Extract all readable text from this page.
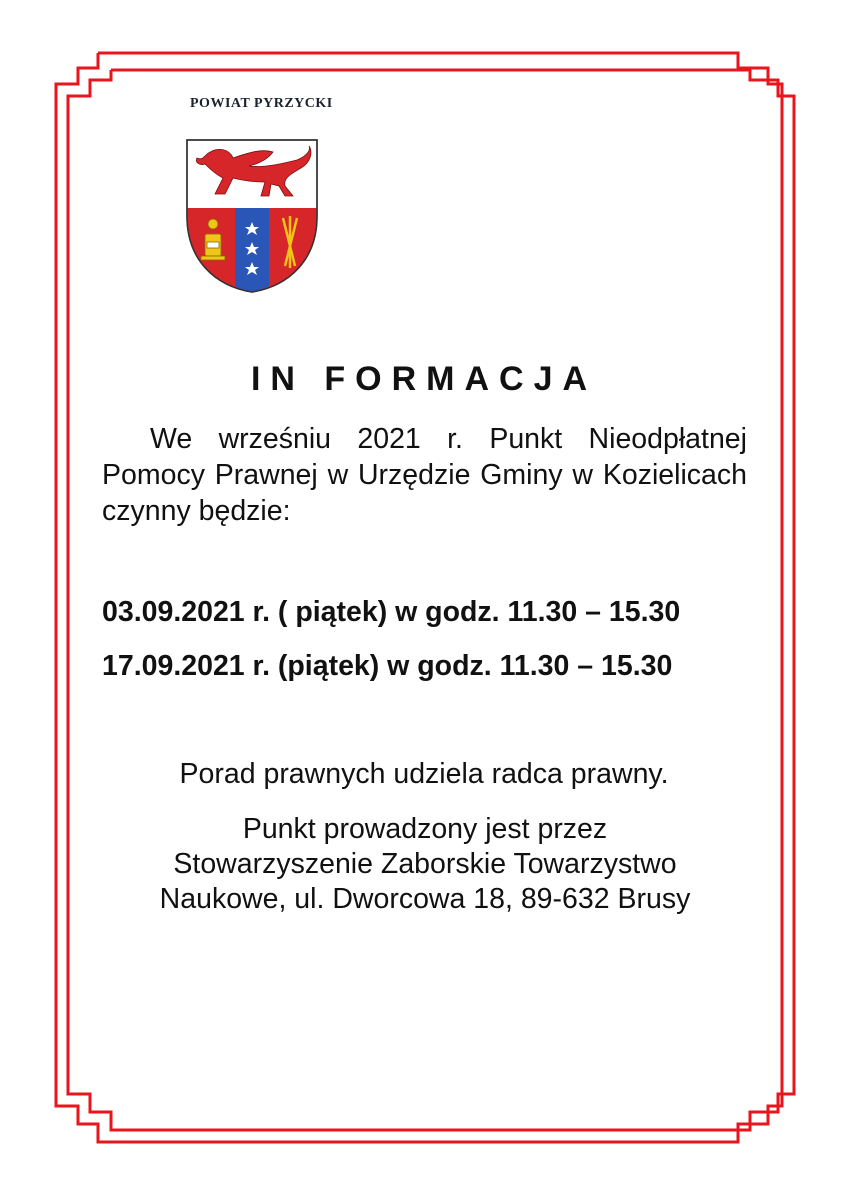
POWIAT PYRZYCKI
IN FORMACJA
We wrześniu 2021 r. Punkt Nieodpłatnej Pomocy Prawnej w Urzędzie Gminy w Kozielicach czynny będzie:
03.09.2021 r. ( piątek) w godz. 11.30 – 15.30
17.09.2021 r. (piątek) w godz. 11.30 – 15.30
Porad prawnych udziela radca prawny.
Punkt prowadzony jest przez
Stowarzyszenie Zaborskie Towarzystwo
Naukowe, ul. Dworcowa 18, 89-632 Brusy
